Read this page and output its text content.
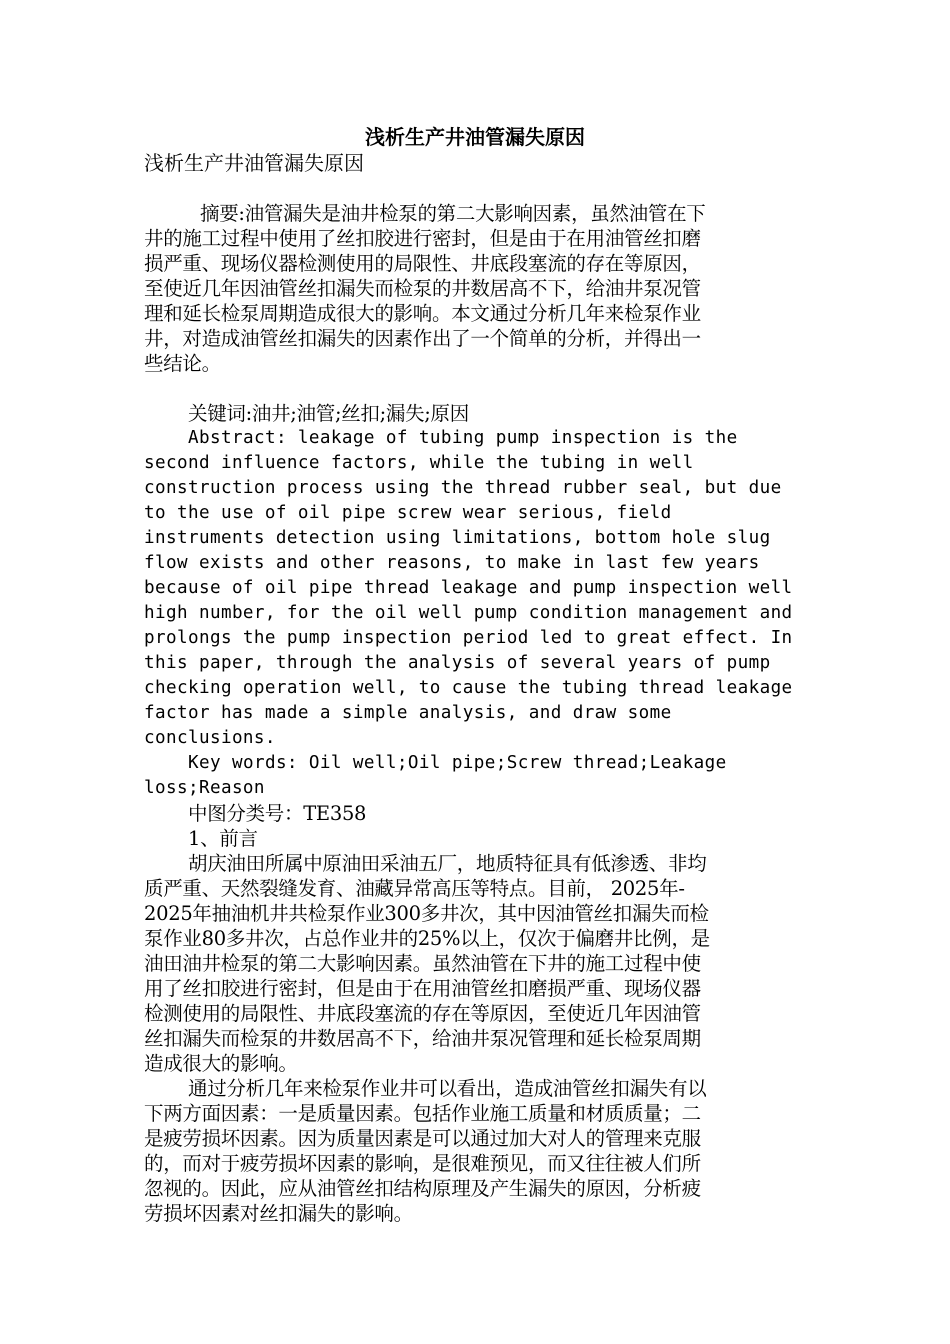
浅析生产井油管漏失原因
浅析生产井油管漏失原因
摘要:油管漏失是油井检泵的第二大影响因素，虽然油管在下
井的施工过程中使用了丝扣胶进行密封，但是由于在用油管丝扣磨
损严重、现场仪器检测使用的局限性、井底段塞流的存在等原因，
至使近几年因油管丝扣漏失而检泵的井数居高不下，给油井泵况管
理和延长检泵周期造成很大的影响。本文通过分析几年来检泵作业
井，对造成油管丝扣漏失的因素作出了一个简单的分析，并得出一
些结论。
关键词:油井;油管;丝扣;漏失;原因
Abstract: leakage of tubing pump inspection is the
second influence factors, while the tubing in well
construction process using the thread rubber seal, but due
to the use of oil pipe screw wear serious, field
instruments detection using limitations, bottom hole slug
flow exists and other reasons, to make in last few years
because of oil pipe thread leakage and pump inspection well
high number, for the oil well pump condition management and
prolongs the pump inspection period led to great effect. In
this paper, through the analysis of several years of pump
checking operation well, to cause the tubing thread leakage
factor has made a simple analysis, and draw some
conclusions.
Key words: Oil well;Oil pipe;Screw thread;Leakage
loss;Reason
中图分类号：TE358
1、前言
胡庆油田所属中原油田采油五厂，地质特征具有低渗透、非均
质严重、天然裂缝发育、油藏异常高压等特点。目前， 2025年-
2025年抽油机井共检泵作业300多井次，其中因油管丝扣漏失而检
泵作业80多井次，占总作业井的25%以上，仅次于偏磨井比例，是
油田油井检泵的第二大影响因素。虽然油管在下井的施工过程中使
用了丝扣胶进行密封，但是由于在用油管丝扣磨损严重、现场仪器
检测使用的局限性、井底段塞流的存在等原因，至使近几年因油管
丝扣漏失而检泵的井数居高不下，给油井泵况管理和延长检泵周期
造成很大的影响。
通过分析几年来检泵作业井可以看出，造成油管丝扣漏失有以
下两方面因素：一是质量因素。包括作业施工质量和材质质量；二
是疲劳损坏因素。因为质量因素是可以通过加大对人的管理来克服
的，而对于疲劳损坏因素的影响，是很难预见，而又往往被人们所
忽视的。因此，应从油管丝扣结构原理及产生漏失的原因，分析疲
劳损坏因素对丝扣漏失的影响。
